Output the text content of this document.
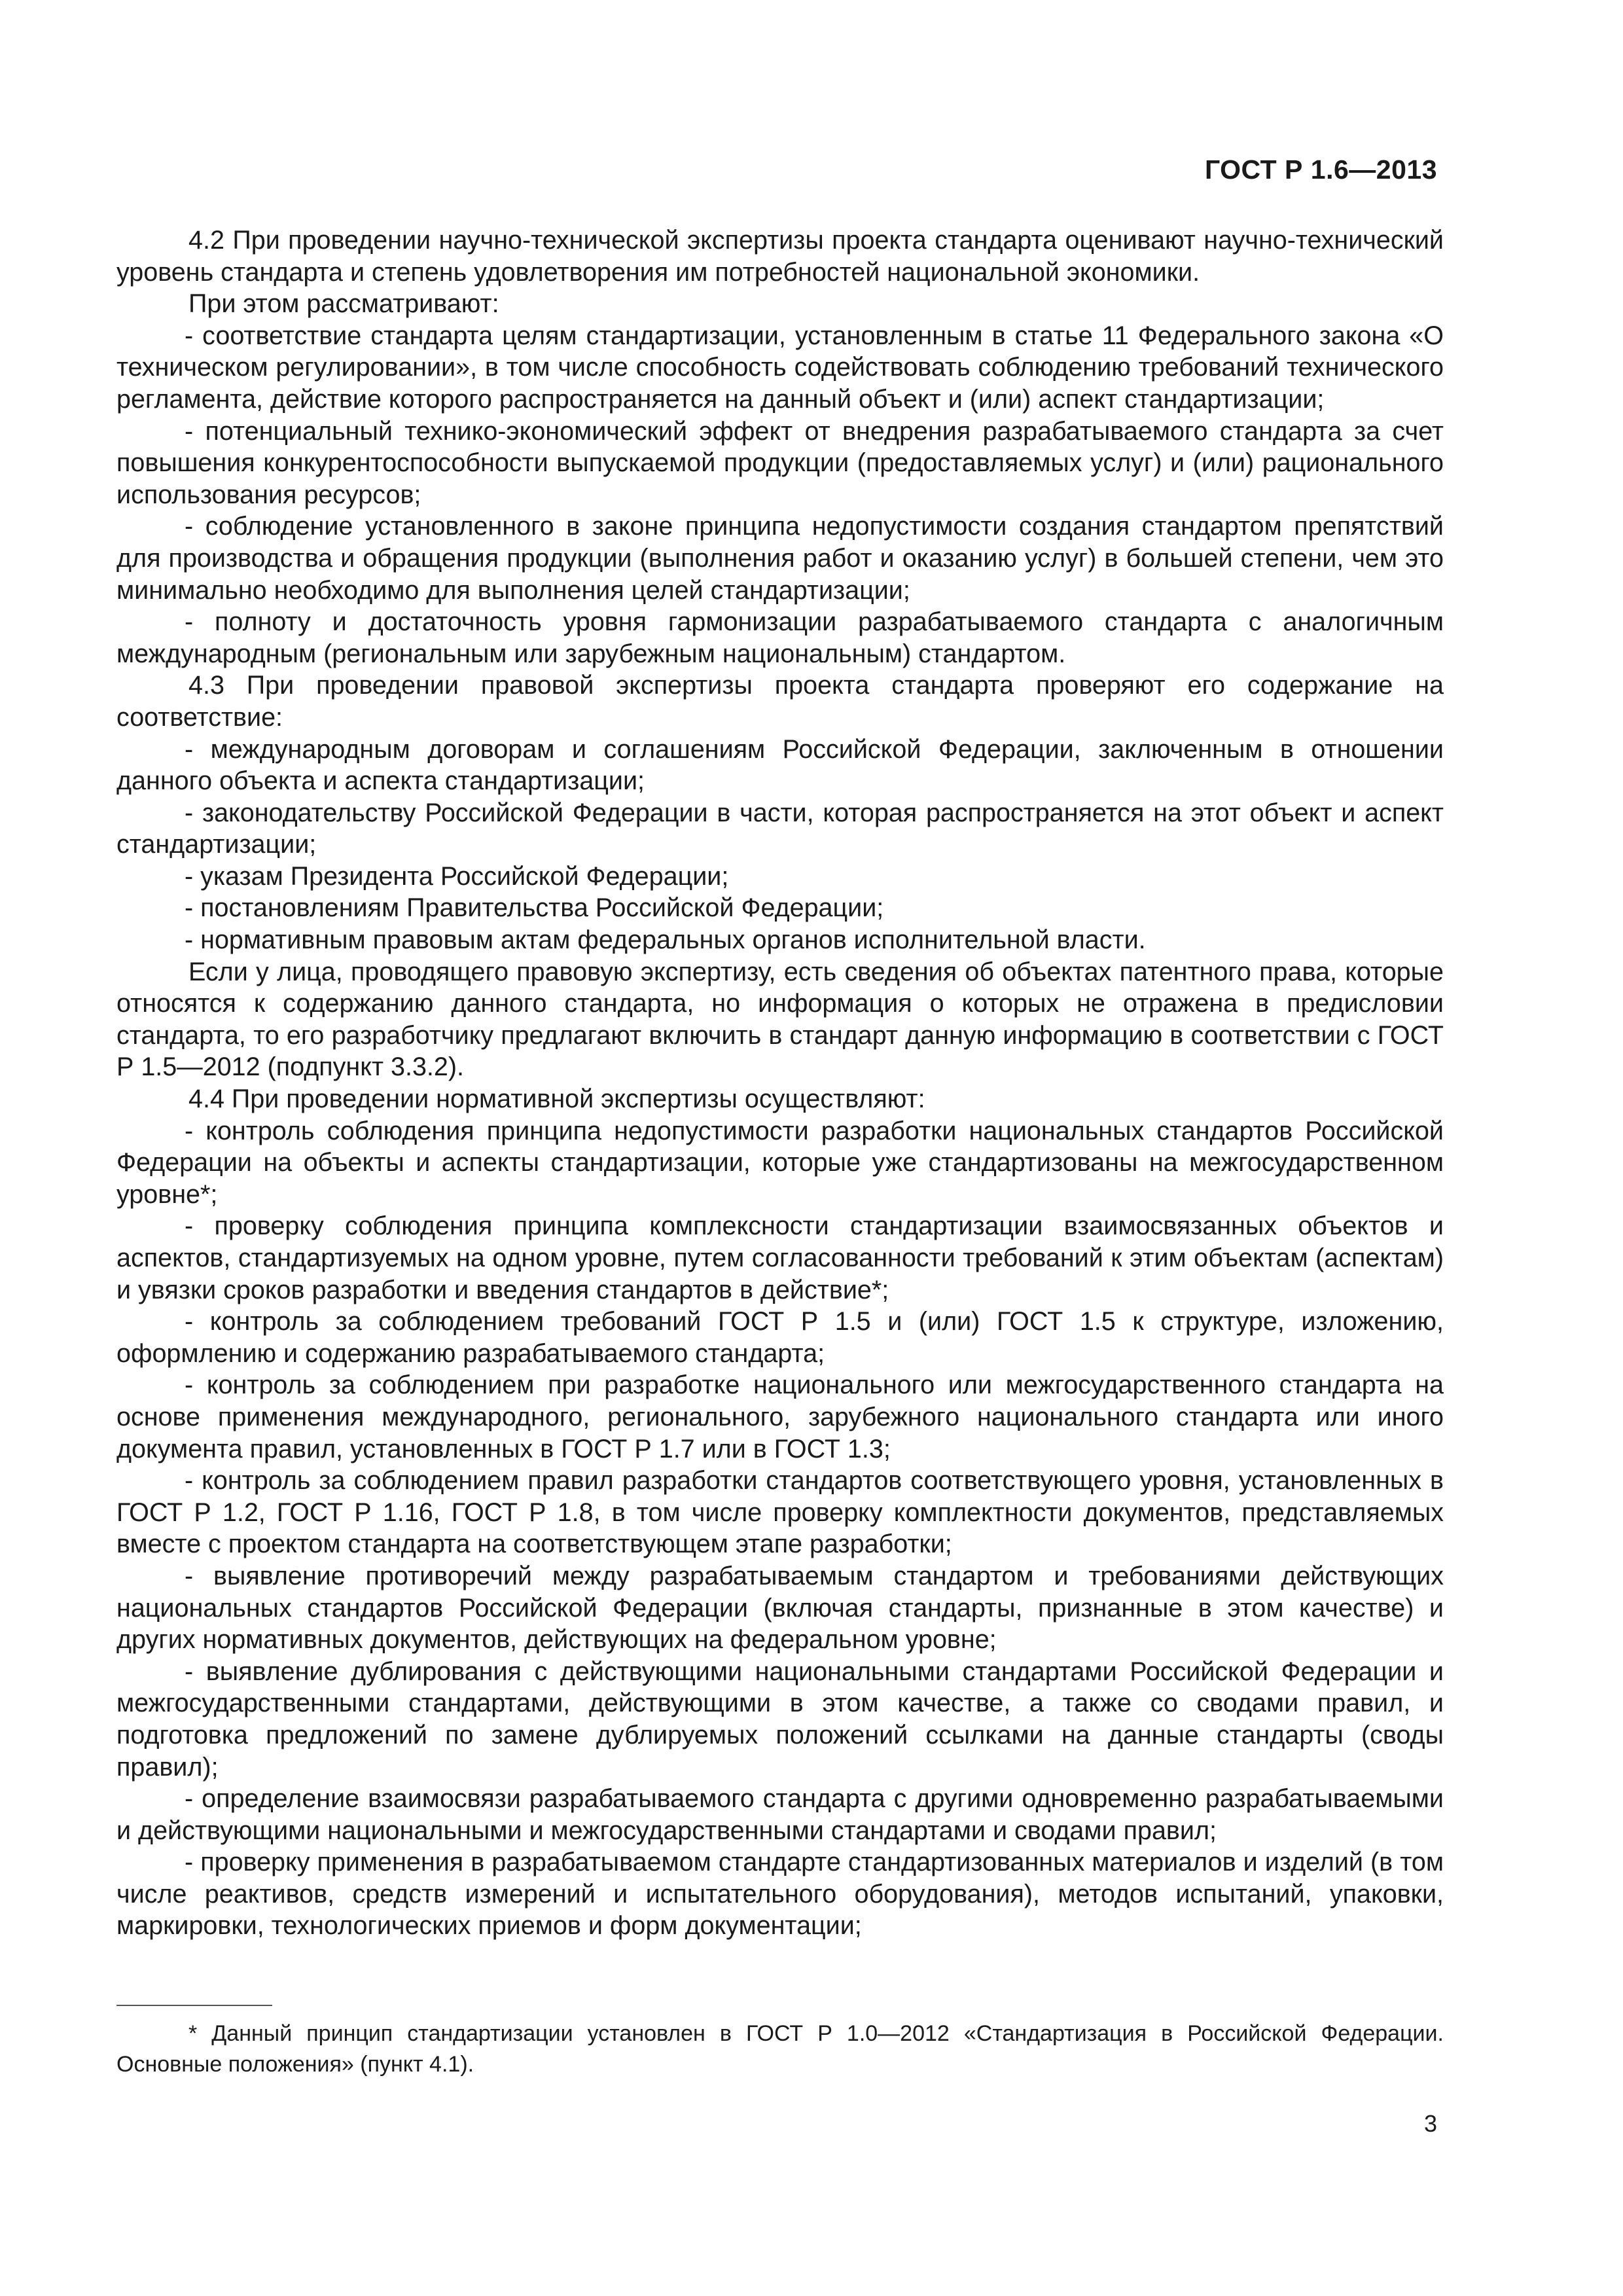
ГОСТ Р 1.6—2013

4.2 При проведении научно-технической экспертизы проекта стандарта оценивают научно-технический уровень стандарта и степень удовлетворения им потребностей национальной экономики.

При этом рассматривают:

- соответствие стандарта целям стандартизации, установленным в статье 11 Федерального закона «О техническом регулировании», в том числе способность содействовать соблюдению требований технического регламента, действие которого распространяется на данный объект и (или) аспект стандартизации;

- потенциальный технико-экономический эффект от внедрения разрабатываемого стандарта за счет повышения конкурентоспособности выпускаемой продукции (предоставляемых услуг) и (или) рационального использования ресурсов;

- соблюдение установленного в законе принципа недопустимости создания стандартом препятствий для производства и обращения продукции (выполнения работ и оказанию услуг) в большей степени, чем это минимально необходимо для выполнения целей стандартизации;

- полноту и достаточность уровня гармонизации разрабатываемого стандарта с аналогичным международным (региональным или зарубежным национальным) стандартом.

4.3 При проведении правовой экспертизы проекта стандарта проверяют его содержание на соответствие:

- международным договорам и соглашениям Российской Федерации, заключенным в отношении данного объекта и аспекта стандартизации;

- законодательству Российской Федерации в части, которая распространяется на этот объект и аспект стандартизации;

- указам Президента Российской Федерации;

- постановлениям Правительства Российской Федерации;

- нормативным правовым актам федеральных органов исполнительной власти.

Если у лица, проводящего правовую экспертизу, есть сведения об объектах патентного права, которые относятся к содержанию данного стандарта, но информация о которых не отражена в предисловии стандарта, то его разработчику предлагают включить в стандарт данную информацию в соответствии с ГОСТ Р 1.5—2012 (подпункт 3.3.2).

4.4 При проведении нормативной экспертизы осуществляют:

- контроль соблюдения принципа недопустимости разработки национальных стандартов Российской Федерации на объекты и аспекты стандартизации, которые уже стандартизованы на межгосударственном уровне*;

- проверку соблюдения принципа комплексности стандартизации взаимосвязанных объектов и аспектов, стандартизуемых на одном уровне, путем согласованности требований к этим объектам (аспектам) и увязки сроков разработки и введения стандартов в действие*;

- контроль за соблюдением требований ГОСТ Р 1.5 и (или) ГОСТ 1.5 к структуре, изложению, оформлению и содержанию разрабатываемого стандарта;

- контроль за соблюдением при разработке национального или межгосударственного стандарта на основе применения международного, регионального, зарубежного национального стандарта или иного документа правил, установленных в ГОСТ Р 1.7 или в ГОСТ 1.3;

- контроль за соблюдением правил разработки стандартов соответствующего уровня, установленных в ГОСТ Р 1.2, ГОСТ Р 1.16, ГОСТ Р 1.8, в том числе проверку комплектности документов, представляемых вместе с проектом стандарта на соответствующем этапе разработки;

- выявление противоречий между разрабатываемым стандартом и требованиями действующих национальных стандартов Российской Федерации (включая стандарты, признанные в этом качестве) и других нормативных документов, действующих на федеральном уровне;

- выявление дублирования с действующими национальными стандартами Российской Федерации и межгосударственными стандартами, действующими в этом качестве, а также со сводами правил, и подготовка предложений по замене дублируемых положений ссылками на данные стандарты (своды правил);

- определение взаимосвязи разрабатываемого стандарта с другими одновременно разрабатываемыми и действующими национальными и межгосударственными стандартами и сводами правил;

- проверку применения в разрабатываемом стандарте стандартизованных материалов и изделий (в том числе реактивов, средств измерений и испытательного оборудования), методов испытаний, упаковки, маркировки, технологических приемов и форм документации;

* Данный принцип стандартизации установлен в ГОСТ Р 1.0—2012 «Стандартизация в Российской Федерации. Основные положения» (пункт 4.1).
3
